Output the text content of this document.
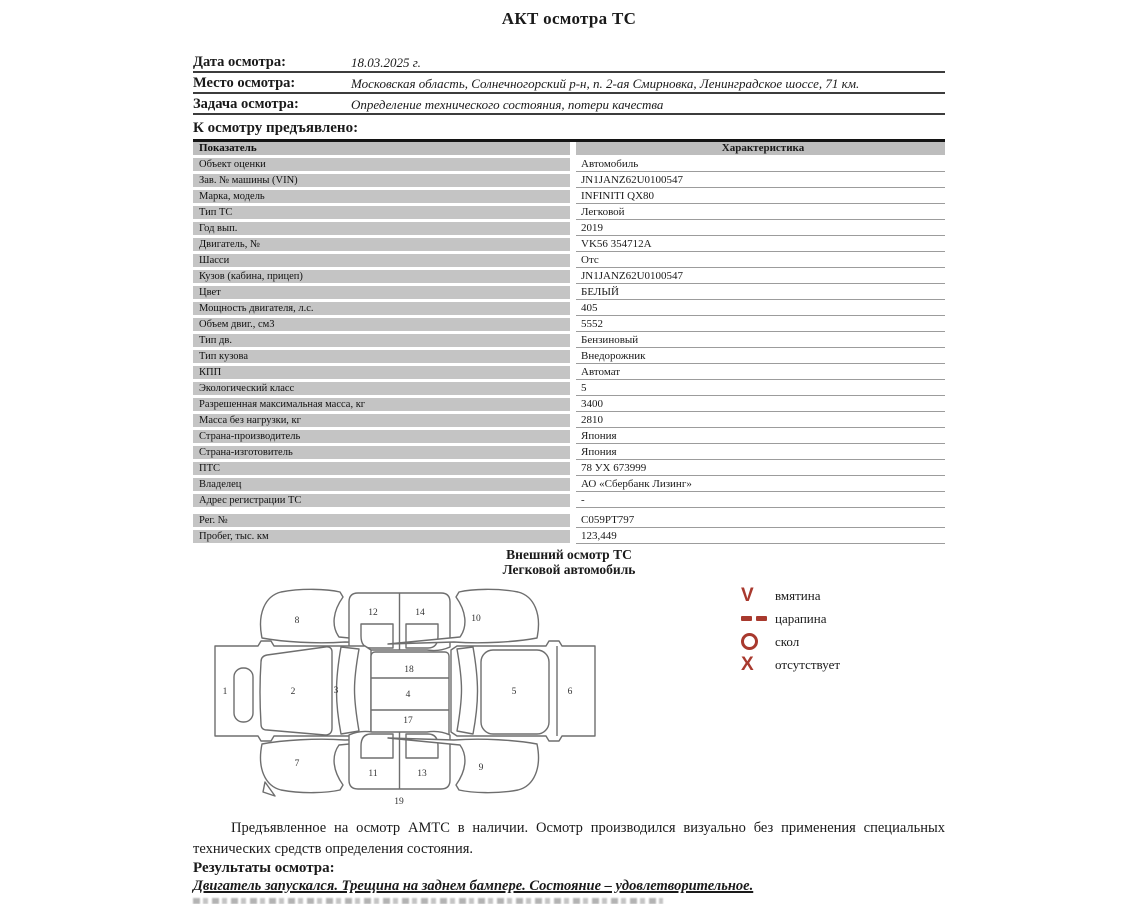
АКТ осмотра ТС
Дата осмотра:	18.03.2025 г.
Место осмотра:	Московская область, Солнечногорский р-н, п. 2-ая Смирновка, Ленинградское шоссе, 71 км.
Задача осмотра:	Определение технического состояния, потери качества
К осмотру предъявлено:
Показатель	Характеристика
Объект оценки	Автомобиль
Зав. № машины (VIN)	JN1JANZ62U0100547
Марка, модель	INFINITI QX80
Тип ТС	Легковой
Год вып.	2019
Двигатель, №	VK56 354712A
Шасси	Отс
Кузов (кабина, прицеп)	JN1JANZ62U0100547
Цвет	БЕЛЫЙ
Мощность двигателя, л.с.	405
Объем двиг., см3	5552
Тип дв.	Бензиновый
Тип кузова	Внедорожник
КПП	Автомат
Экологический класс	5
Разрешенная максимальная масса, кг	3400
Масса без нагрузки, кг	2810
Страна-производитель	Япония
Страна-изготовитель	Япония
ПТС	78 УХ 673999
Владелец	АО «Сбербанк Лизинг»
Адрес регистрации ТС	-
Рег. №	С059РТ797
Пробег, тыс. км	123,449
Внешний осмотр ТС
Легковой автомобиль
1	2	3	4	5	6
7
8
9
10
11
12
13
14
17
18
19
V	вмятина
царапина
скол
X	отсутствует
Предъявленное на осмотр АМТС в наличии. Осмотр производился визуально без применения специальных технических средств определения состояния.
Результаты осмотра:
Двигатель запускался. Трещина на заднем бампере. Состояние – удовлетворительное.
